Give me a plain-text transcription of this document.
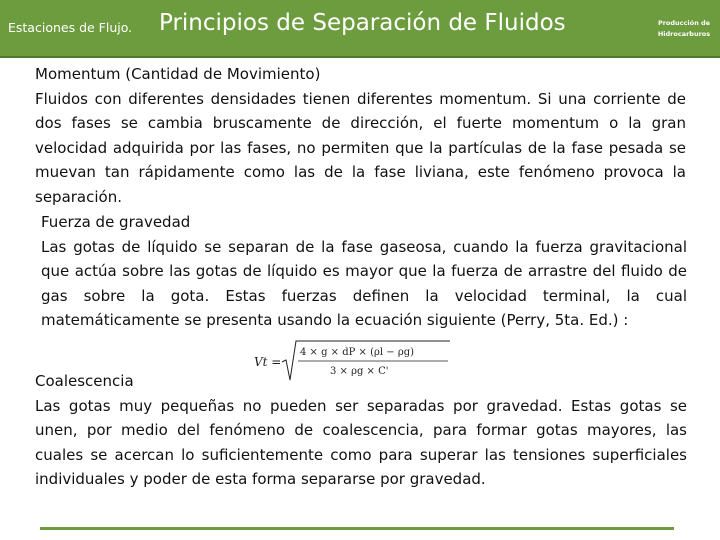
Estaciones de Flujo. Principios de Separación de Fluidos	Producción de
Hidrocarburos
Momentum (Cantidad de Movimiento)

Fluidos con diferentes densidades tienen diferentes momentum. Si una corriente de dos fases se cambia bruscamente de dirección, el fuerte momentum o la gran velocidad adquirida por las fases, no permiten que la partículas de la fase pesada se muevan tan rápidamente como las de la fase liviana, este fenómeno provoca la separación.

Fuerza de gravedad

Las gotas de líquido se separan de la fase gaseosa, cuando la fuerza gravitacional que actúa sobre las gotas de líquido es mayor que la fuerza de arrastre del fluido de gas sobre la gota. Estas fuerzas definen la velocidad terminal, la cual matemáticamente se presenta usando la ecuación siguiente (Perry, 5ta. Ed.) :

Vt =
4 × g × dP × (ρl − ρg)
3 × ρg × C'
Coalescencia

Las gotas muy pequeñas no pueden ser separadas por gravedad. Estas gotas se unen, por medio del fenómeno de coalescencia, para formar gotas mayores, las cuales se acercan lo suficientemente como para superar las tensiones superficiales individuales y poder de esta forma separarse por gravedad.
